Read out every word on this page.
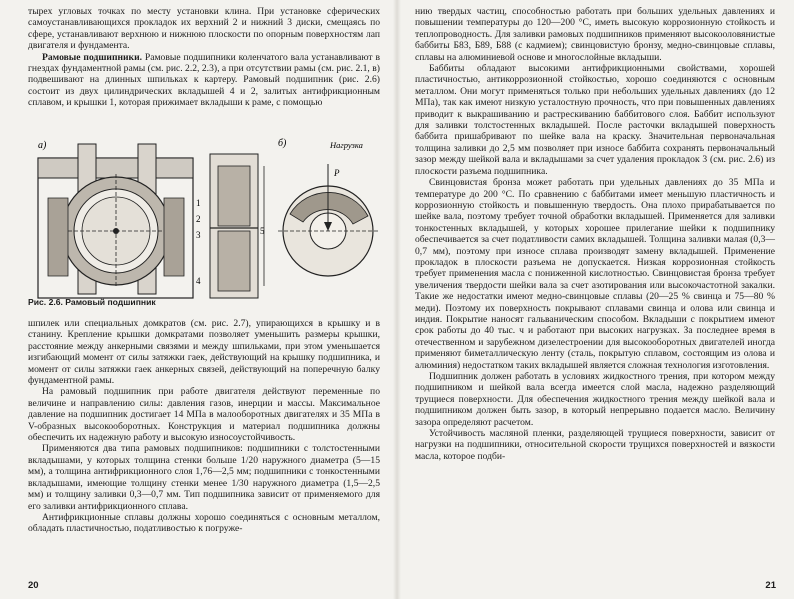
тырех угловых точках по месту установки клина. При установке сферических самоустанавливающихся прокладок их верхний 2 и нижний 3 диски, смещаясь по сфере, устанавливают верхнюю и нижнюю плоскости по опорным поверхностям лап двигателя и фундамента.

Рамовые подшипники. Рамовые подшипники коленчатого вала устанавливают в гнездах фундаментной рамы (см. рис. 2.2, 2.3), а при отсутствии рамы (см. рис. 2.1, в) подвешивают на длинных шпильках к картеру. Рамовый подшипник (рис. 2.6) состоит из двух цилиндрических вкладышей 4 и 2, залитых антифрикционным сплавом, и крышки 1, которая прижимает вкладыши к раме, с помощью

а)	б)	Нагрузка
P
1
2
3
4
5
Рис. 2.6. Рамовый подшипник

шпилек или специальных домкратов (см. рис. 2.7), упирающихся в крышку и в станину. Крепление крышки домкратами позволяет уменьшить размеры крышки, расстояние между анкерными связями и между шпильками, при этом уменьшается изгибающий момент от силы затяжки гаек, действующий на крышку подшипника, и момент от силы затяжки гаек анкерных связей, действующий на поперечную балку фундаментной рамы.

На рамовый подшипник при работе двигателя действуют переменные по величине и направлению силы: давления газов, инерции и массы. Максимальное давление на подшипник достигает 14 МПа в малооборотных двигателях и 35 МПа в V-образных высокооборотных. Конструкция и материал подшипника должны обеспечить их надежную работу и высокую износоустойчивость.

Применяются два типа рамовых подшипников: подшипники с толстостенными вкладышами, у которых толщина стенки больше 1/20 наружного диаметра (5—15 мм), а толщина антифрикционного слоя 1,76—2,5 мм; подшипники с тонкостенными вкладышами, имеющие толщину стенки менее 1/30 наружного диаметра (1,5—2,5 мм) и толщину заливки 0,3—0,7 мм. Тип подшипника зависит от применяемого для его заливки антифрикционного сплава.

Антифрикционные сплавы должны хорошо соединяться с основным металлом, обладать пластичностью, податливостью к погруже-

20

нию твердых частиц, способностью работать при больших удельных давлениях и повышении температуры до 120—200 °С, иметь высокую коррозионную стойкость и теплопроводность. Для заливки рамовых подшипников применяют высокооловянистые баббиты Б83, Б89, Б88 (с кадмием); свинцовистую бронзу, медно-свинцовые сплавы, сплавы на алюминиевой основе и многослойные вкладыши.

Баббиты обладают высокими антифрикционными свойствами, хорошей пластичностью, антикоррозионной стойкостью, хорошо соединяются с основным металлом. Они могут применяться только при небольших удельных давлениях (до 12 МПа), так как имеют низкую усталостную прочность, что при повышенных давлениях приводит к выкрашиванию и растрескиванию баббитового слоя. Баббит используют для заливки толстостенных вкладышей. После расточки вкладышей поверхность баббита пришабривают по шейке вала на краску. Значительная первоначальная толщина заливки до 2,5 мм позволяет при износе баббита сохранять первоначальный зазор между шейкой вала и вкладышами за счет удаления прокладок 3 (см. рис. 2.6) из плоскости разъема подшипника.

Свинцовистая бронза может работать при удельных давлениях до 35 МПа и температуре до 200 °С. По сравнению с баббитами имеет меньшую пластичность и коррозионную стойкость и повышенную твердость. Она плохо прирабатывается по шейке вала, поэтому требует точной обработки вкладышей. Применяется для заливки тонкостенных вкладышей, у которых хорошее прилегание шейки к подшипнику обеспечивается за счет податливости самих вкладышей. Толщина заливки малая (0,3—0,7 мм), поэтому при износе сплава производят замену вкладышей. Применение прокладок в плоскости разъема не допускается. Низкая коррозионная стойкость требует применения масла с пониженной кислотностью. Свинцовистая бронза требует увеличения твердости шейки вала за счет азотирования или высокочастотной закалки. Такие же недостатки имеют медно-свинцовые сплавы (20—25 % свинца и 75—80 % меди). Поэтому их поверхность покрывают сплавами свинца и олова или свинца и индия. Покрытие наносят гальваническим способом. Вкладыши с покрытием имеют срок работы до 40 тыс. ч и работают при высоких нагрузках. За последнее время в отечественном и зарубежном дизелестроении для высокооборотных двигателей иногда применяют биметаллическую ленту (сталь, покрытую сплавом, состоящим из олова и алюминия) недостатком таких вкладышей является сложная технология изготовления.

Подшипник должен работать в условиях жидкостного трения, при котором между подшипником и шейкой вала всегда имеется слой масла, надежно разделяющий трущиеся поверхности. Для обеспечения жидкостного трения между шейкой вала и подшипником должен быть зазор, в который непрерывно подается масло. Величину зазора определяют расчетом.

Устойчивость масляной пленки, разделяющей трущиеся поверхности, зависит от нагрузки на подшипники, относительной скорости трущихся поверхностей и вязкости масла, которое подби-

21
